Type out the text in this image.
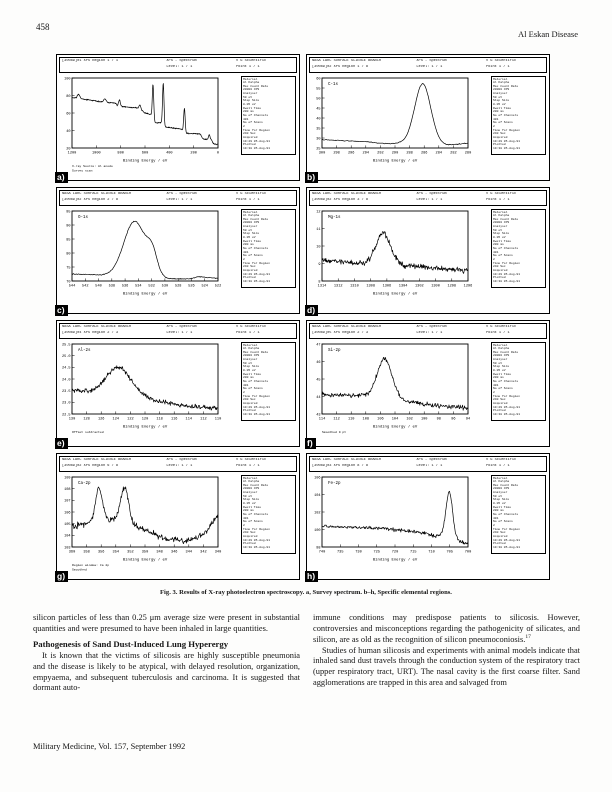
458
Al Eskan Disease
[30089]01 XPS Region 1 / 1	XPS - Spectrum	V G Scientific
Level: 1 / 1	Point 1 / 1
1200	1000	800	600	400	200	0
100
80
60
40
20
Binding Energy / eV
X-ray Source: Al anode
Survey scan
Material
Al Kalpha
Max Count Rate
20000 CPS
Analyser
50 eV
Step Size
0.05 eV
Dwell Time
200 ms
No of Channels
401
No of Scans
2
Time for Region
240 Sec
Acquired
19:29 05-Aug-91
Plotted
19:38 05-Aug-91
a)
NASA LARC SURFACE SCIENCE BRANCH	XPS - Spectrum	V G Scientific
[30089]02 XPS Region 1 / 8	Level: 1 / 1	Point 1 / 1
300 298 296 294 292 290 288 286 284 282 280
60
55
50
45
40
35
30
25
C-1s
Binding Energy / eV
Material
Al Kalpha
Max Count Rate
20000 CPS
Analyser
50 eV
Step Size
0.05 eV
Dwell Time
200 ms
No of Channels
401
No of Scans
2
Time for Region
240 Sec
Acquired
19:29 05-Aug-91
Plotted
19:38 05-Aug-91
b)
NASA LARC SURFACE SCIENCE BRANCH	XPS - Spectrum	V G Scientific
[30089]02 XPS Region 2 / 8	Level: 1 / 1	Point 1 / 1
544 542 540 538 536 534 532 530 528 526 524 522
95
90
85
80
75
70
O-1s
Binding Energy / eV
Material
Al Kalpha
Max Count Rate
20000 CPS
Analyser
50 eV
Step Size
0.05 eV
Dwell Time
200 ms
No of Channels
401
No of Scans
2
Time for Region
240 Sec
Acquired
19:29 05-Aug-91
Plotted
19:38 05-Aug-91
c)
NASA LARC SURFACE SCIENCE BRANCH	XPS - Spectrum	V G Scientific
[30089]02 XPS Region 3 / 8	Level: 1 / 1	Point 1 / 1
1314 1312 1310 1308 1306 1304 1302 1300 1298 1296
12
11
10
9
8
Mg-1s
Binding Energy / eV
Material
Al Kalpha
Max Count Rate
20000 CPS
Analyser
50 eV
Step Size
0.05 eV
Dwell Time
200 ms
No of Channels
401
No of Scans
2
Time for Region
240 Sec
Acquired
19:29 05-Aug-91
Plotted
19:38 05-Aug-91
d)
NASA LARC SURFACE SCIENCE BRANCH	XPS - Spectrum	V G Scientific
[30089]04 XPS Region 2 / 3	Level: 1 / 1	Point 1 / 1
130 128 126 124 122 120 118 116 114 112 110
25.5
25.0
24.5
24.0
23.5
23.0
22.5
Al-2s
Binding Energy / eV
Offset subtracted
Material
Al Kalpha
Max Count Rate
20000 CPS
Analyser
50 eV
Step Size
0.05 eV
Dwell Time
200 ms
No of Channels
401
No of Scans
2
Time for Region
240 Sec
Acquired
19:29 05-Aug-91
Plotted
19:38 05-Aug-91
e)
NASA LARC SURFACE SCIENCE BRANCH	XPS - Spectrum	V G Scientific
[30089]05 XPS Region 2 / 3	Level: 1 / 1	Point 1 / 1
114 112 110 108 106 104 102 100	98	96	94
47
46
45
44
43
Si-2p
Binding Energy / eV
Smoothed 9 pt
Material
Al Kalpha
Max Count Rate
20000 CPS
Analyser
50 eV
Step Size
0.05 eV
Dwell Time
200 ms
No of Channels
401
No of Scans
2
Time for Region
240 Sec
Acquired
19:29 05-Aug-91
Plotted
19:38 05-Aug-91
f)
NASA LARC SURFACE SCIENCE BRANCH	XPS - Spectrum	V G Scientific
[30089]02 XPS Region 6 / 8	Level: 1 / 1	Point 1 / 1
360 358 356 354 352 350 348 346 344 342 340
109
108
107
106
105
104
103
Ca-2p
Binding Energy / eV
Region window: Ca 2p
Smoothed
Material
Al Kalpha
Max Count Rate
20000 CPS
Analyser
50 eV
Step Size
0.05 eV
Dwell Time
200 ms
No of Channels
401
No of Scans
2
Time for Region
240 Sec
Acquired
19:29 05-Aug-91
Plotted
19:38 05-Aug-91
g)
NASA LARC SURFACE SCIENCE BRANCH	XPS - Spectrum	V G Scientific
[30089]03 XPS Region 8 / 8	Level: 1 / 1	Point 1 / 1
740	735	730	725	720	715	710	705	700
106
104
102
100
98
Fe-2p
Binding Energy / eV
Material
Al Kalpha
Max Count Rate
20000 CPS
Analyser
50 eV
Step Size
0.05 eV
Dwell Time
200 ms
No of Channels
401
No of Scans
2
Time for Region
240 Sec
Acquired
19:29 05-Aug-91
Plotted
19:38 05-Aug-91
h)
Fig. 3. Results of X-ray photoelectron spectroscopy. a, Survey spectrum. b–h, Specific elemental regions.

silicon particles of less than 0.25 μm average size were present in substantial quantities and were presumed to have been inhaled in large quantities.

Pathogenesis of Sand Dust-Induced Lung Hyperergy

It is known that the victims of silicosis are highly susceptible pneumonia and the disease is likely to be atypical, with delayed resolution, organization, empyaema, and subsequent tuberculosis and carcinoma. It is suggested that dormant auto-

immune conditions may predispose patients to silicosis. However, controversies and misconceptions regarding the pathogenicity of silicates, and silicon, are as old as the recognition of silicon pneumoconiosis.$^{17}$

Studies of human silicosis and experiments with animal models indicate that inhaled sand dust travels through the conduction system of the respiratory tract (upper respiratory tract, URT). The nasal cavity is the first coarse filter. Sand agglomerations are trapped in this area and salvaged from

Military Medicine, Vol. 157, September 1992
